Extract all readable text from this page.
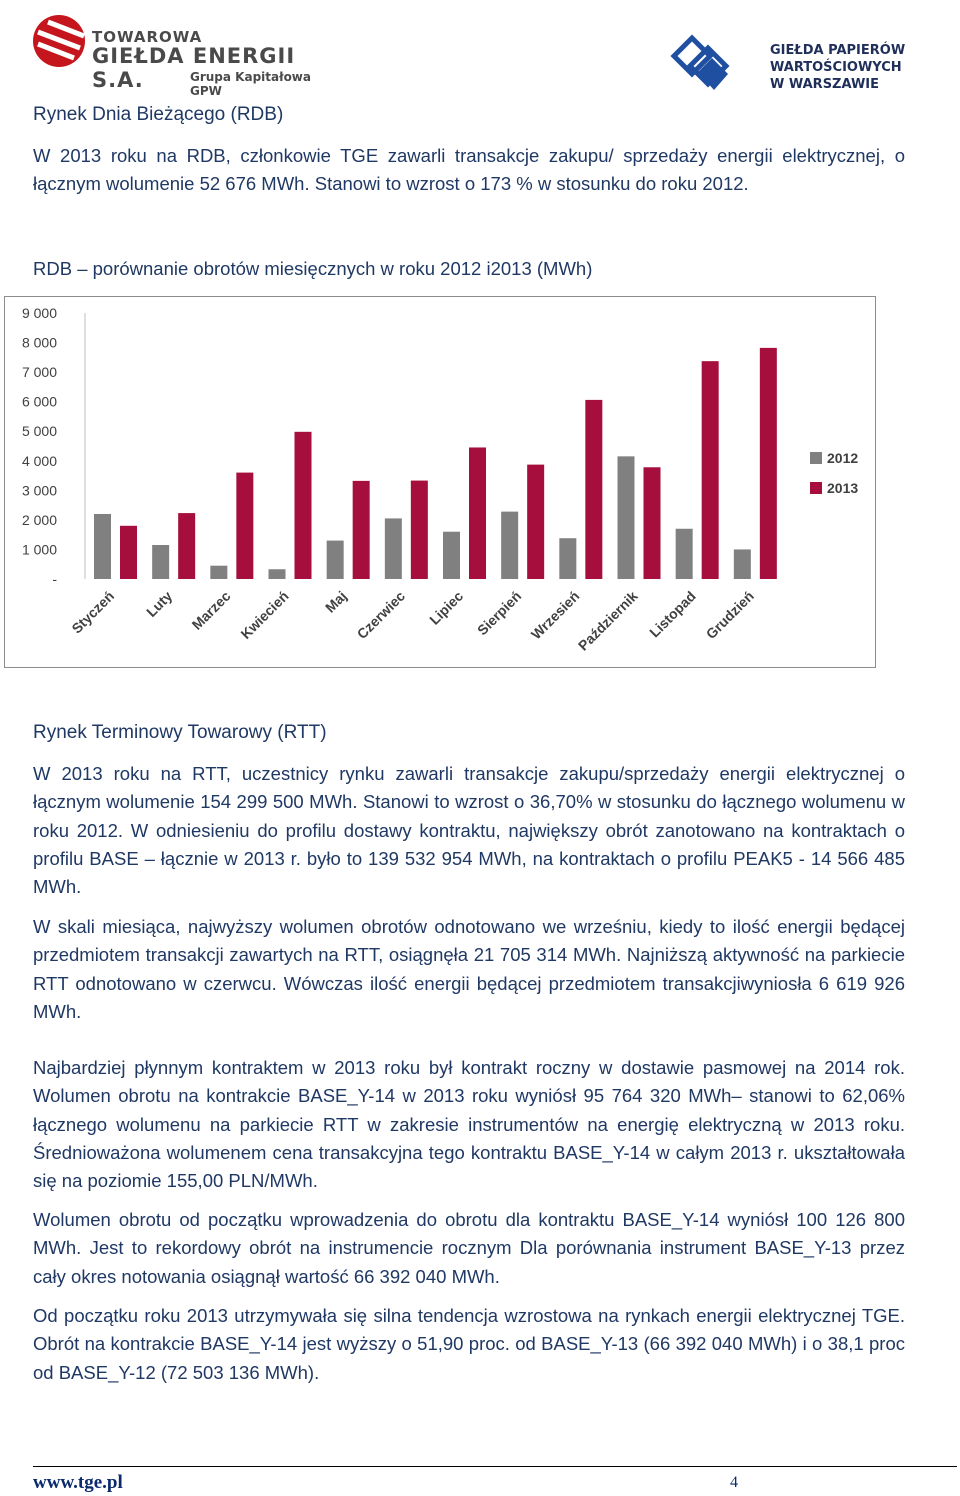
TOWAROWA
GIEŁDA ENERGII S.A.	Grupa Kapitałowa GPW
GIEŁDA PAPIERÓW
WARTOŚCIOWYCH
W WARSZAWIE
Rynek Dnia Bieżącego (RDB)
W 2013 roku na RDB, członkowie TGE zawarli transakcje zakupu/ sprzedaży energii elektrycznej, o łącznym wolumenie 52 676 MWh. Stanowi to wzrost o 173 % w stosunku do roku 2012.
RDB – porównanie obrotów miesięcznych w roku 2012 i2013 (MWh)
-
1 000
2 000
3 000
4 000
5 000
6 000
7 000
8 000
9 000
Styczeń Luty Marzec Kwiecień Maj Czerwiec Lipiec Sierpień Wrzesień
Październik Listopad Grudzień
2012
2013
Rynek Terminowy Towarowy (RTT)
W 2013 roku na RTT, uczestnicy rynku zawarli transakcje zakupu/sprzedaży energii elektrycznej o łącznym wolumenie 154 299 500 MWh. Stanowi to wzrost o 36,70% w stosunku do łącznego wolumenu w roku 2012. W odniesieniu do profilu dostawy kontraktu, największy obrót zanotowano na kontraktach o profilu BASE – łącznie w 2013 r. było to 139 532 954 MWh, na kontraktach o profilu PEAK5 - 14 566 485 MWh.
W skali miesiąca, najwyższy wolumen obrotów odnotowano we wrześniu, kiedy to ilość energii będącej przedmiotem transakcji zawartych na RTT, osiągnęła 21 705 314 MWh. Najniższą aktywność na parkiecie RTT odnotowano w czerwcu. Wówczas ilość energii będącej przedmiotem transakcjiwyniosła 6 619 926 MWh.
Najbardziej płynnym kontraktem w 2013 roku był kontrakt roczny w dostawie pasmowej na 2014 rok. Wolumen obrotu na kontrakcie BASE_Y-14 w 2013 roku wyniósł 95 764 320 MWh– stanowi to 62,06% łącznego wolumenu na parkiecie RTT w zakresie instrumentów na energię elektryczną w 2013 roku. Średnioważona wolumenem cena transakcyjna tego kontraktu BASE_Y-14 w całym 2013 r. ukształtowała się na poziomie 155,00 PLN/MWh.
Wolumen obrotu od początku wprowadzenia do obrotu dla kontraktu BASE_Y-14 wyniósł 100 126 800 MWh. Jest to rekordowy obrót na instrumencie rocznym Dla porównania instrument BASE_Y-13 przez cały okres notowania osiągnął wartość 66 392 040 MWh.
Od początku roku 2013 utrzymywała się silna tendencja wzrostowa na rynkach energii elektrycznej TGE. Obrót na kontrakcie BASE_Y-14 jest wyższy o 51,90 proc. od BASE_Y-13 (66 392 040 MWh) i o 38,1 proc od BASE_Y-12 (72 503 136 MWh).
www.tge.pl	4
